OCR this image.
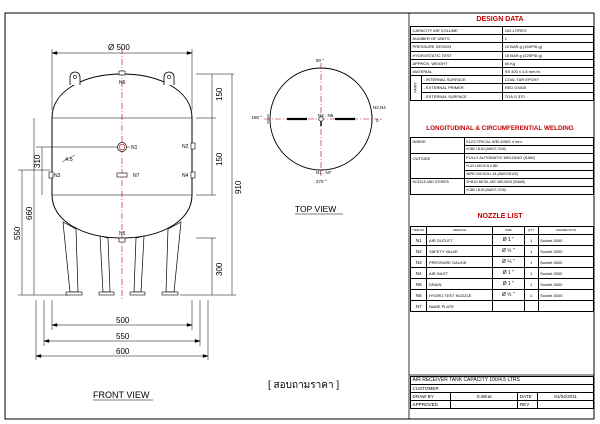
Ø 500
150
150
910
300
310
660
550
4.5
500
550
600
N6
N1	N2
N3	N4
N7
N5
90 °
180 °
0 °
270 °
N3 , N6
N2,N4
N1 , N7
TOP VIEW
FRONT VIEW
[ สอบถามราคา ]
DESIGN DATA
CAPACITY AIR VOLUME		100 LITRES
NUMBER OF UNITS		1
PRESSURE DESIGN		10 BAR.g (150PSI.g)
HYDROSTATIC TEST		15 BAR.g (225PSI.g)
APPROX. WEIGHT		60 Kg
MATERIAL		SS 400 x 4.5 mm.th.

PAINT	- INTERNAL SURFACE	COAL TAR EPOXY
	- EXTERNAL PRIMER	RED OXIDE
	- EXTERNAL SURFACE	TOA G 370
LONGITUDINAL & CIRCUMFERENTIAL WELDING
INSIDE	ELECTRICAL WELDING 4 mm.
	KOBE LB-52 (AWS E-7016)
OUTSIDE	FULLY AUTOMATIC WELDING (SAW)
	FLUX LINCOLN # 860
	WIRE LINCOLN L-61 (AWS EM12K)
NOZZLE AND OTHERS	SHIELD METAL ARC WELDING (SMAW)
	KOBE LB-52 (AWS E-7016)
NOZZLE LIST
ITEM NO.	SERVICE	SIZE	Q'TY	CONNECTION
N1	AIR OUTLET	Ø 1 "	1	Socket 3000
N2	SAFETY VALVE	Ø ½ "	1	Socket 3000
N3	PRESSURE GAUGE	Ø ¼ "	1	Socket 3000
N4	AIR INLET	Ø 1 "	1	Socket 3000
N5	DRAIN	Ø 1 "	1	Socket 3000
N6	HYDRO TEST NOZZLE	Ø ½ "	1	Socket 3000
N7	NAME PLATE			
AIR RECEIVER TANK CAPACITY 100/4.5 LTRS			
CUSTOMER			
DRAW BY	S.Wirat	DATE	01/04/2011
APPROVED		REV	
